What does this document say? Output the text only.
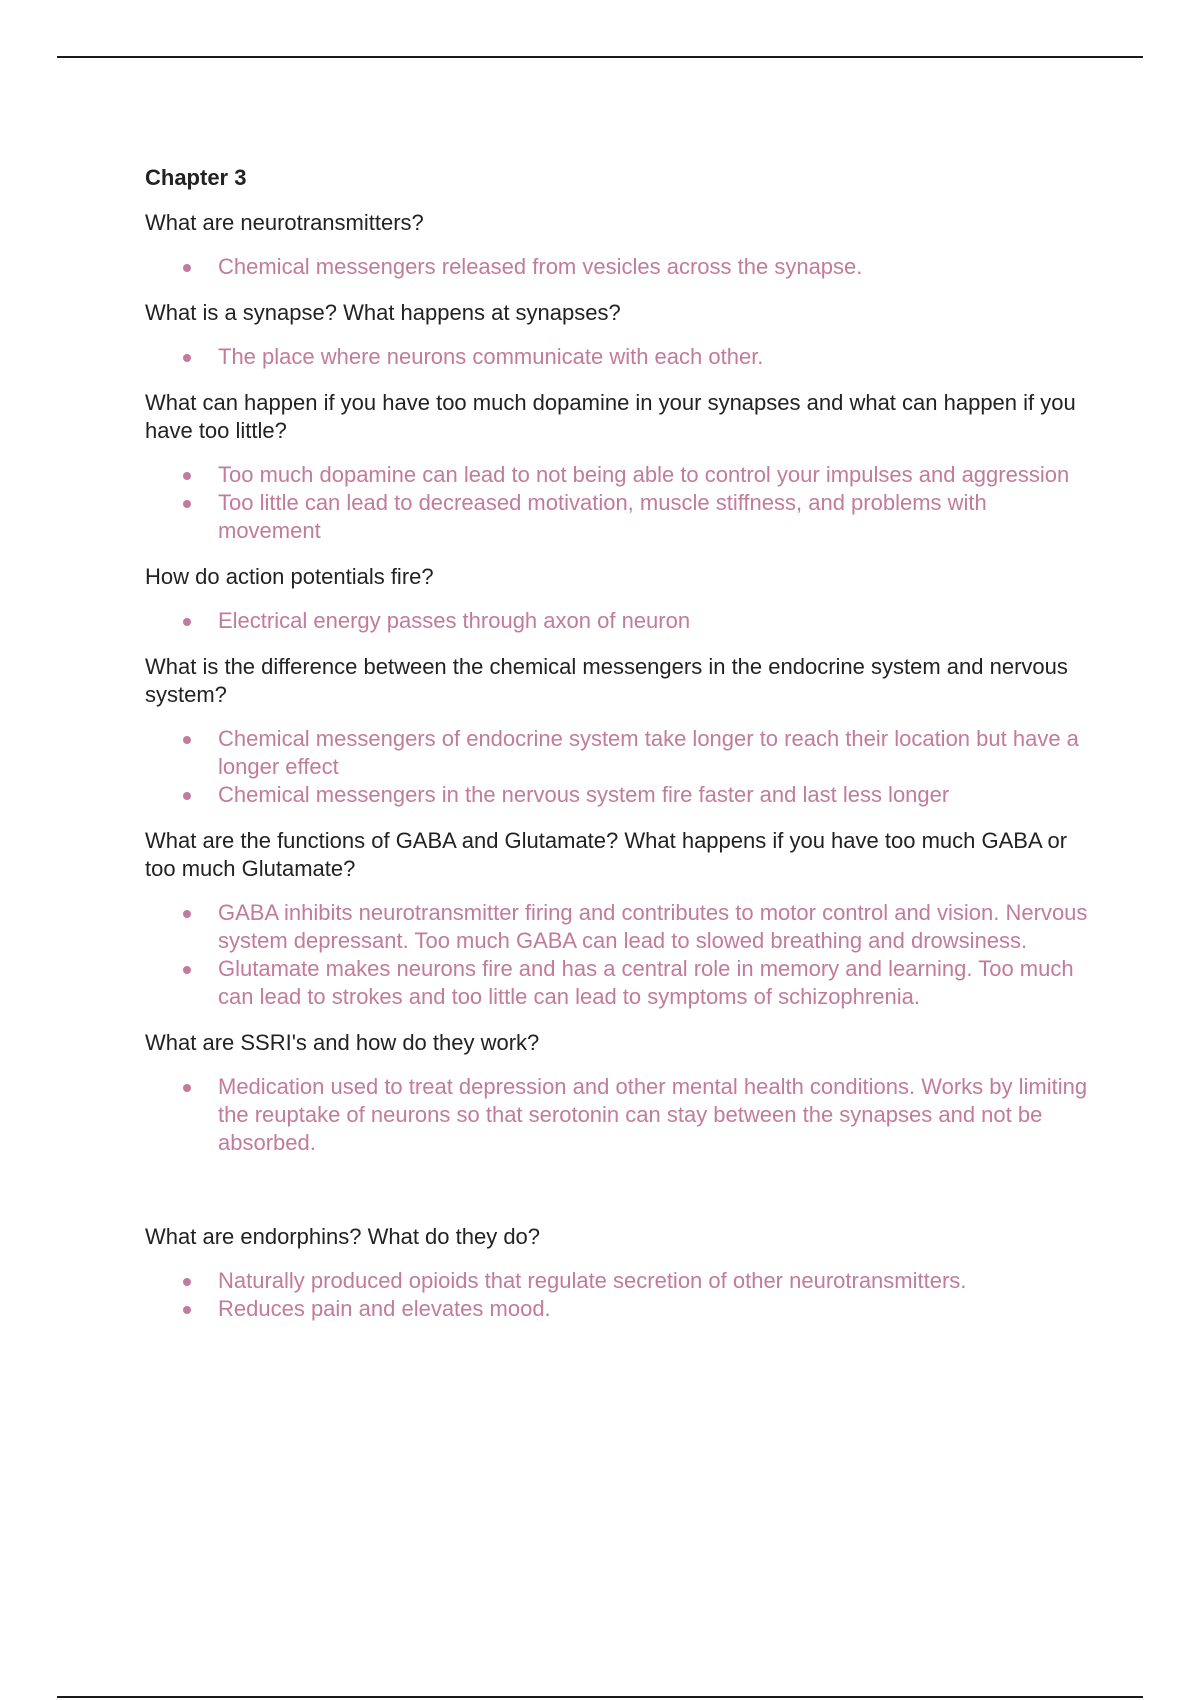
Chapter 3
What are neurotransmitters?
Chemical messengers released from vesicles across the synapse.
What is a synapse? What happens at synapses?
The place where neurons communicate with each other.
What can happen if you have too much dopamine in your synapses and what can happen if you have too little?
Too much dopamine can lead to not being able to control your impulses and aggression
Too little can lead to decreased motivation, muscle stiffness, and problems with movement
How do action potentials fire?
Electrical energy passes through axon of neuron
What is the difference between the chemical messengers in the endocrine system and nervous system?
Chemical messengers of endocrine system take longer to reach their location but have a longer effect
Chemical messengers in the nervous system fire faster and last less longer
What are the functions of GABA and Glutamate? What happens if you have too much GABA or too much Glutamate?
GABA inhibits neurotransmitter firing and contributes to motor control and vision. Nervous system depressant. Too much GABA can lead to slowed breathing and drowsiness.
Glutamate makes neurons fire and has a central role in memory and learning. Too much can lead to strokes and too little can lead to symptoms of schizophrenia.
What are SSRI's and how do they work?
Medication used to treat depression and other mental health conditions. Works by limiting the reuptake of neurons so that serotonin can stay between the synapses and not be absorbed.
What are endorphins? What do they do?
Naturally produced opioids that regulate secretion of other neurotransmitters.
Reduces pain and elevates mood.
